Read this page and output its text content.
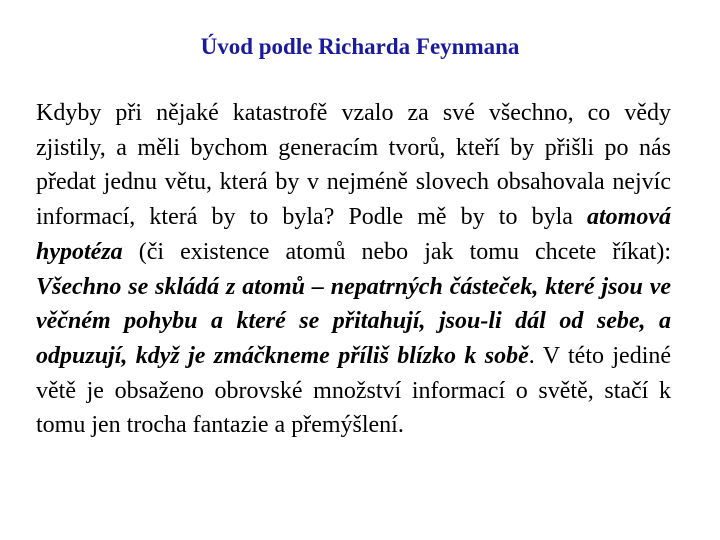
Úvod podle Richarda Feynmana

Kdyby při nějaké katastrofě vzalo za své všechno, co vědy zjistily, a měli bychom generacím tvorů, kteří by přišli po nás předat jednu větu, která by v nejméně slovech obsahovala nejvíc informací, která by to byla? Podle mě by to byla atomová hypotéza (či existence atomů nebo jak tomu chcete říkat): Všechno se skládá z atomů – nepatrných částeček, které jsou ve věčném pohybu a které se přitahují, jsou-li dál od sebe, a odpuzují, když je zmáčkneme příliš blízko k sobě. V této jediné větě je obsaženo obrovské množství informací o světě, stačí k tomu jen trocha fantazie a přemýšlení.
